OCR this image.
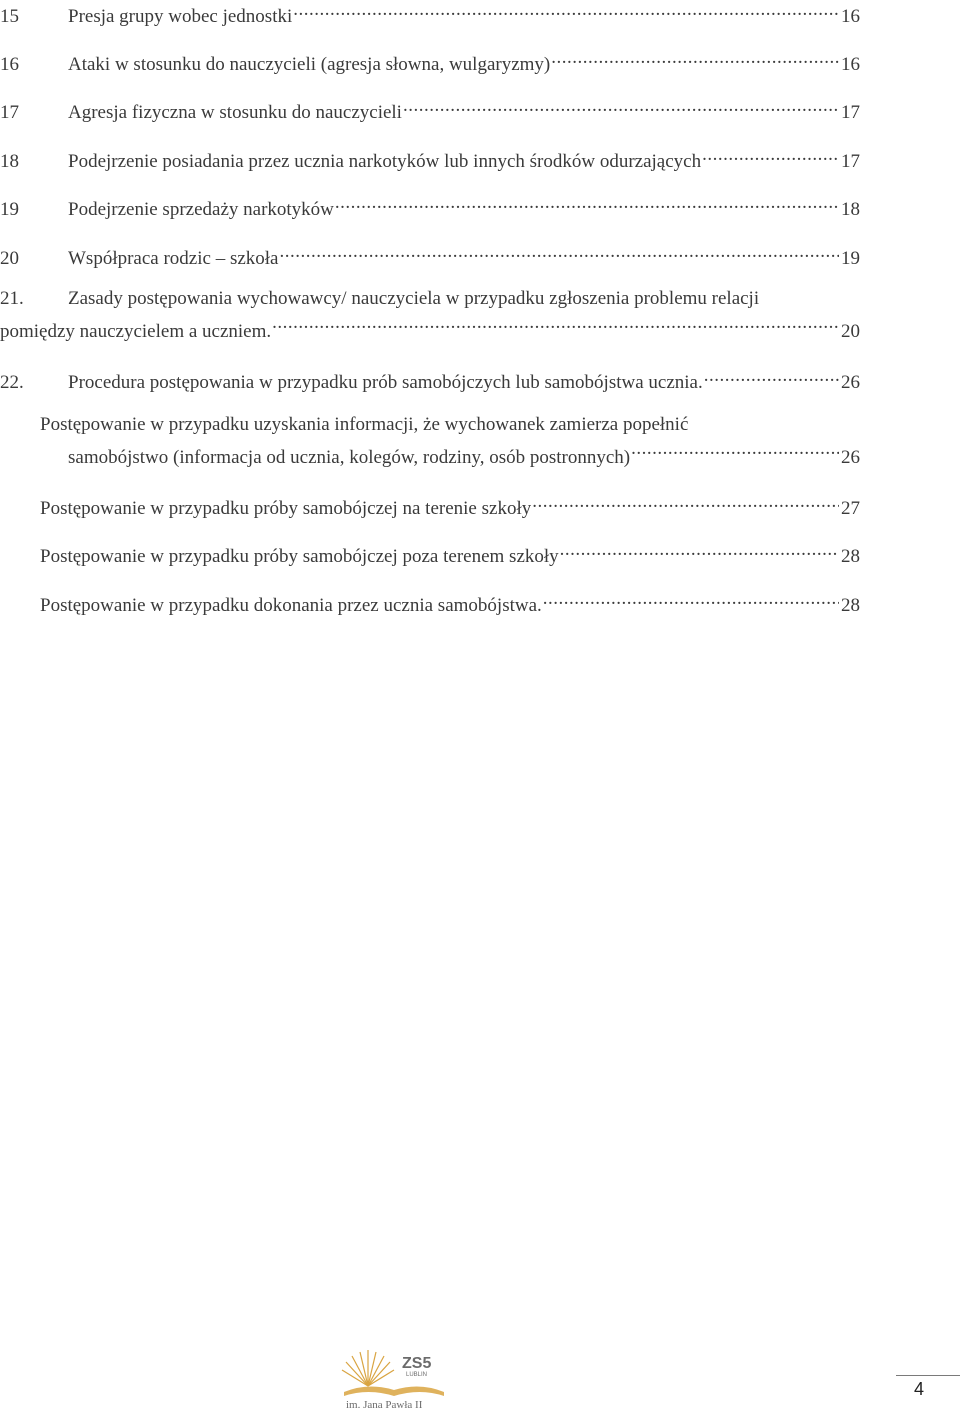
15	Presja grupy wobec jednostki .....	16
16	Ataki w stosunku do nauczycieli (agresja słowna, wulgaryzmy) .....	16
17	Agresja fizyczna w stosunku do nauczycieli .....	17
18	Podejrzenie posiadania przez ucznia narkotyków lub innych środków odurzających .....	17
19	Podejrzenie sprzedaży narkotyków .....	18
20	Współpraca rodzic – szkoła .....	19
21. Zasady postępowania wychowawcy/ nauczyciela w przypadku zgłoszenia problemu relacji
pomiędzy nauczycielem a uczniem. .....	20
22.	Procedura postępowania w przypadku prób samobójczych lub samobójstwa ucznia. .....	26
Postępowanie w przypadku uzyskania informacji, że wychowanek zamierza popełnić
samobójstwo (informacja od ucznia, kolegów, rodziny, osób postronnych) .....	26
Postępowanie w przypadku próby samobójczej na terenie szkoły .....	27
Postępowanie w przypadku próby samobójczej poza terenem szkoły .....	28
Postępowanie w przypadku dokonania przez ucznia samobójstwa. .....	28
ZS5
LUBLIN
im. Jana Pawła II
4
